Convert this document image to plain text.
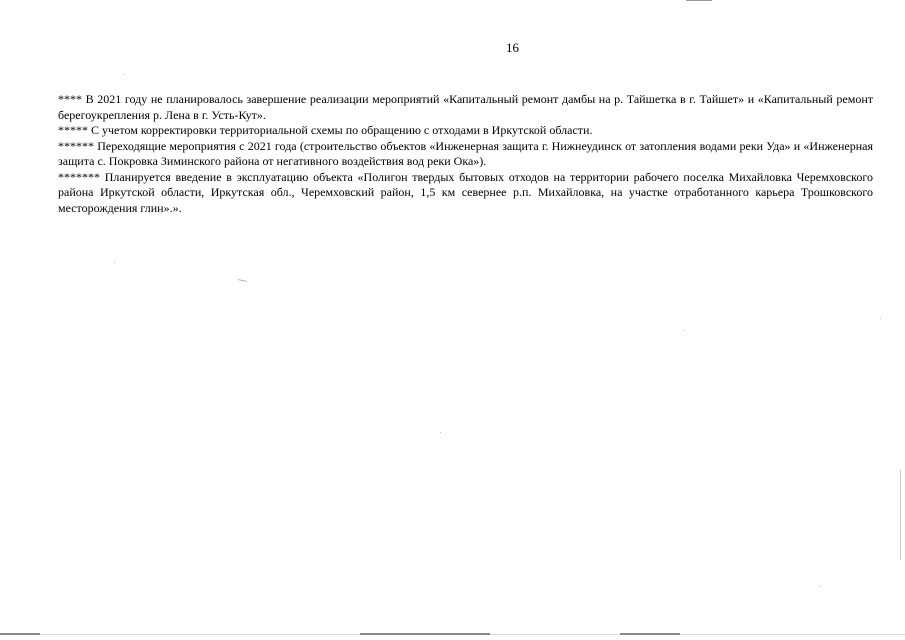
16

**** В 2021 году не планировалось завершение реализации мероприятий «Капитальный ремонт дамбы на р. Тайшетка в г. Тайшет» и «Капитальный ремонт берегоукрепления р. Лена в г. Усть-Кут».

***** С учетом корректировки территориальной схемы по обращению с отходами в Иркутской области.

****** Переходящие мероприятия с 2021 года (строительство объектов «Инженерная защита г. Нижнеудинск от затопления водами реки Уда» и «Инженерная защита с. Покровка Зиминского района от негативного воздействия вод реки Ока»).

******* Планируется введение в эксплуатацию объекта «Полигон твердых бытовых отходов на территории рабочего поселка Михайловка Черемховского района Иркутской области, Иркутская обл., Черемховский район, 1,5 км севернее р.п. Михайловка, на участке отработанного карьера Трошковского месторождения глин».».
